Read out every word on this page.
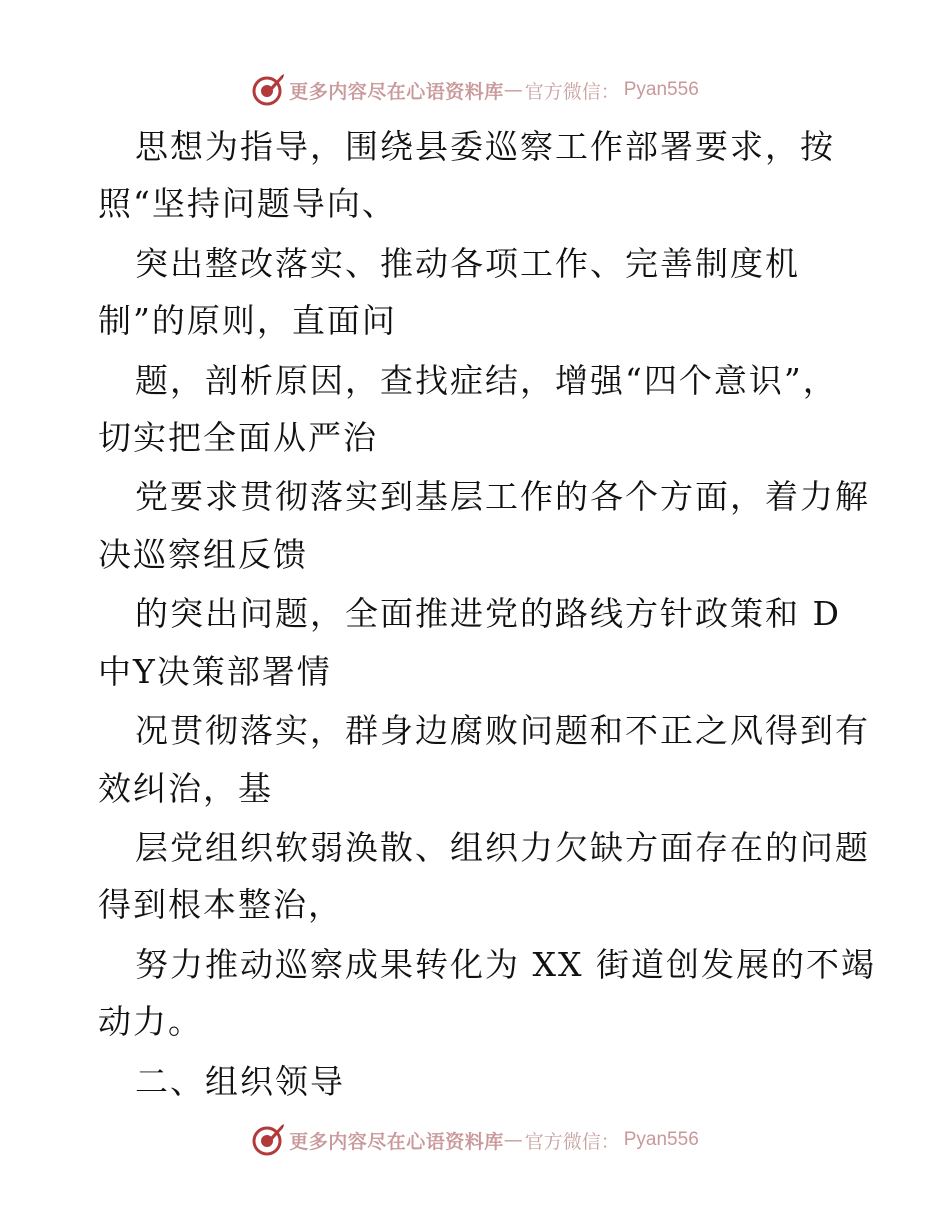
更多内容尽在心语资料库 — 官方微信： Pyan556
思想为指导，围绕县委巡察工作部署要求，按
照“坚持问题导向、
突出整改落实、推动各项工作、完善制度机
制”的原则，直面问
题，剖析原因，查找症结，增强“四个意识”，
切实把全面从严治
党要求贯彻落实到基层工作的各个方面，着力解
决巡察组反馈
的突出问题，全面推进党的路线方针政策和 D
中Y决策部署情
况贯彻落实，群身边腐败问题和不正之风得到有
效纠治，基
层党组织软弱涣散、组织力欠缺方面存在的问题
得到根本整治，
努力推动巡察成果转化为 XX 街道创发展的不竭
动力。
二、组织领导
更多内容尽在心语资料库 — 官方微信： Pyan556
